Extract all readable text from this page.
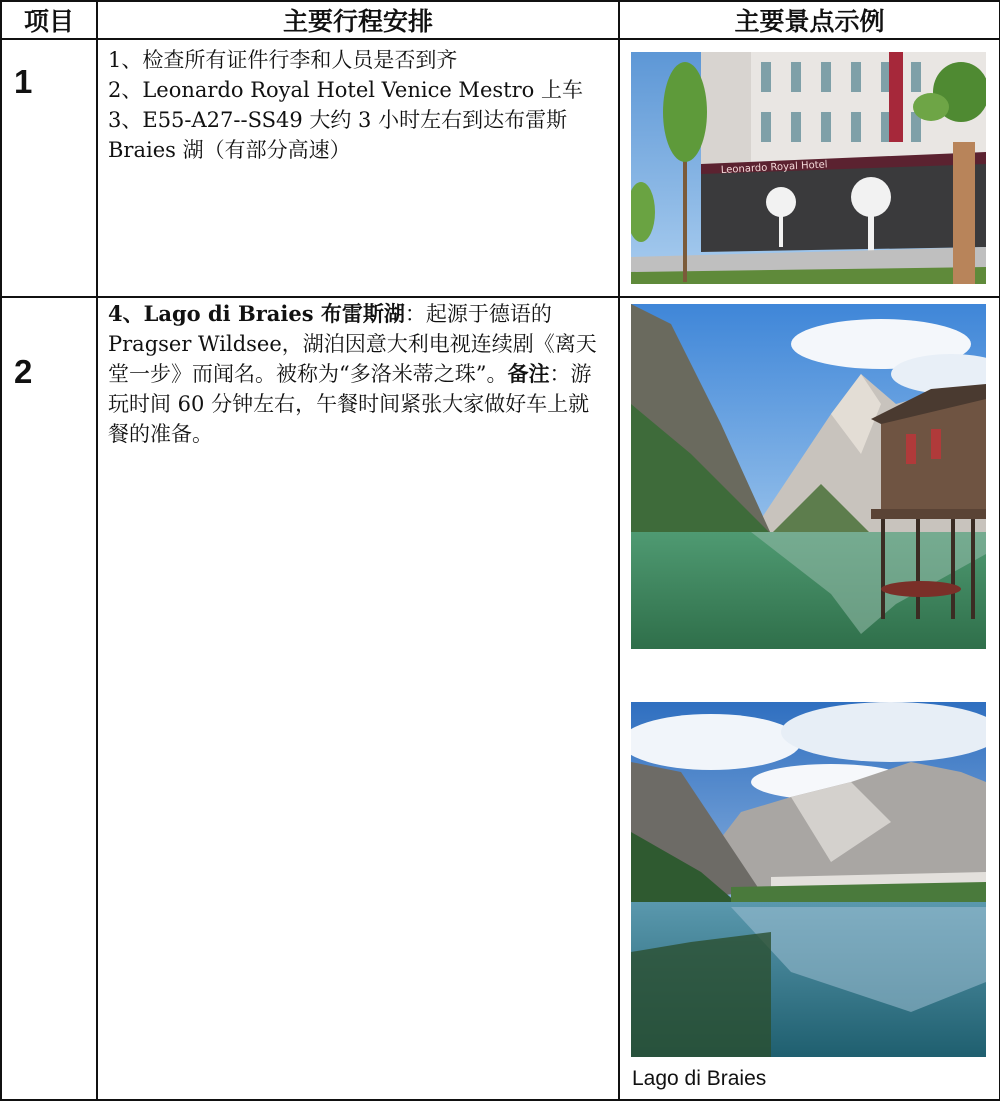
项目	主要行程安排	主要景点示例

1	1、检查所有证件行李和人员是否到齐

2、Leonardo Royal Hotel Venice Mestro 上车

3、E55-A27--SS49 大约 3 小时左右到达布雷斯 Braies 湖（有部分高速）	Leonardo Royal Hotel

2	4、Lago di Braies 布雷斯湖：起源于德语的 Pragser Wildsee，湖泊因意大利电视连续剧《离天堂一步》而闻名。被称为“多洛米蒂之珠”。备注：游玩时间 60 分钟左右，午餐时间紧张大家做好车上就餐的准备。	Lago di Braies
